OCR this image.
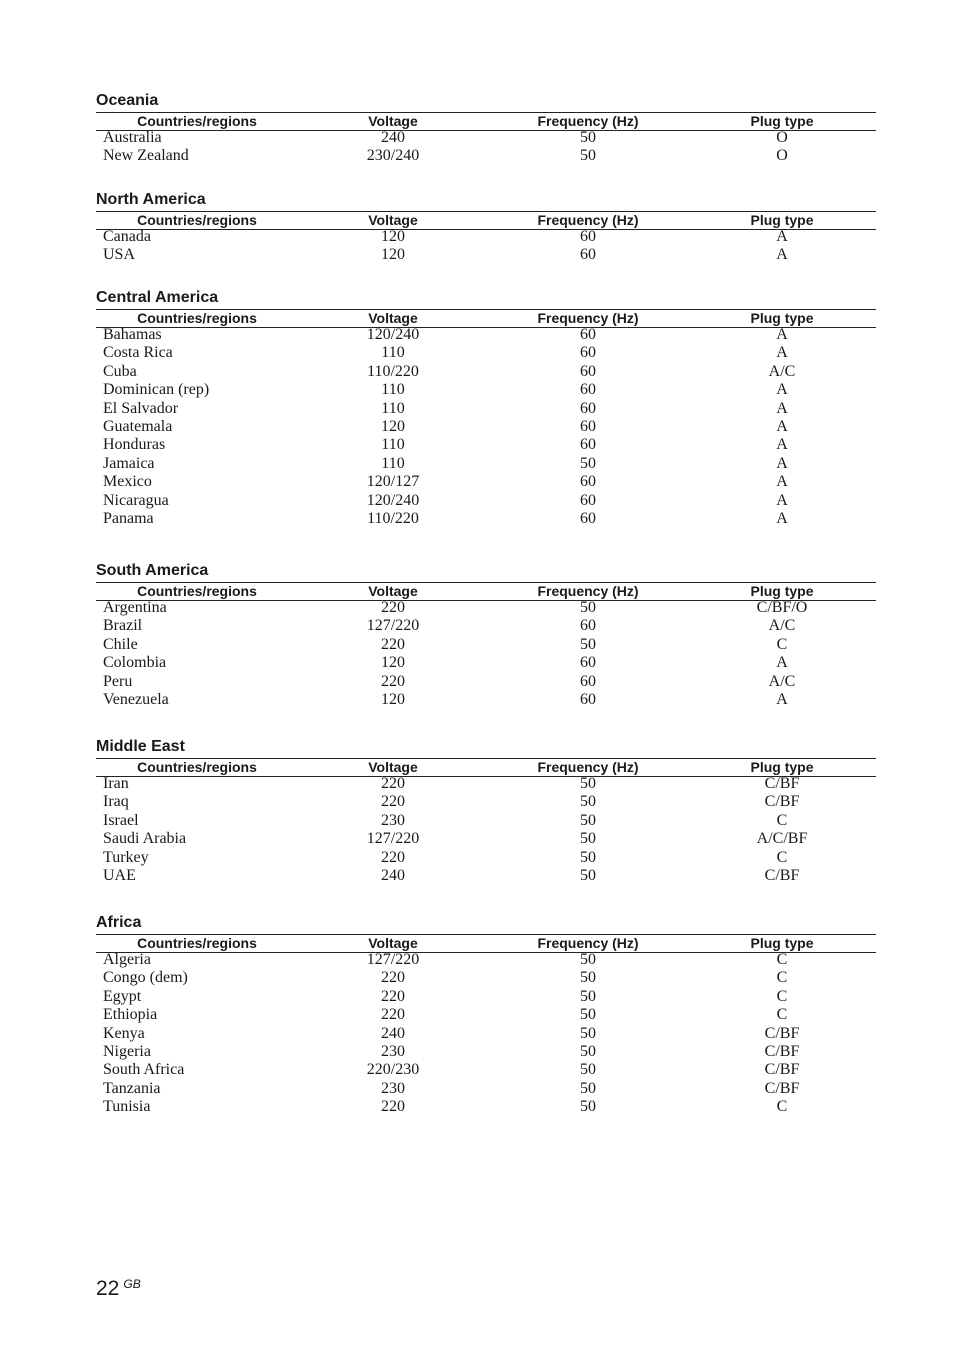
Oceania
Countries/regions	Voltage	Frequency (Hz)	Plug type
Australia	240	50	O
New Zealand	230/240	50	O
North America
Countries/regions	Voltage	Frequency (Hz)	Plug type
Canada	120	60	A
USA	120	60	A
Central America
Countries/regions	Voltage	Frequency (Hz)	Plug type
Bahamas	120/240	60	A
Costa Rica	110	60	A
Cuba	110/220	60	A/C
Dominican (rep)	110	60	A
El Salvador	110	60	A
Guatemala	120	60	A
Honduras	110	60	A
Jamaica	110	50	A
Mexico	120/127	60	A
Nicaragua	120/240	60	A
Panama	110/220	60	A
South America
Countries/regions	Voltage	Frequency (Hz)	Plug type
Argentina	220	50	C/BF/O
Brazil	127/220	60	A/C
Chile	220	50	C
Colombia	120	60	A
Peru	220	60	A/C
Venezuela	120	60	A
Middle East
Countries/regions	Voltage	Frequency (Hz)	Plug type
Iran	220	50	C/BF
Iraq	220	50	C/BF
Israel	230	50	C
Saudi Arabia	127/220	50	A/C/BF
Turkey	220	50	C
UAE	240	50	C/BF
Africa
Countries/regions	Voltage	Frequency (Hz)	Plug type
Algeria	127/220	50	C
Congo (dem)	220	50	C
Egypt	220	50	C
Ethiopia	220	50	C
Kenya	240	50	C/BF
Nigeria	230	50	C/BF
South Africa	220/230	50	C/BF
Tanzania	230	50	C/BF
Tunisia	220	50	C
22 $^{GB}$
